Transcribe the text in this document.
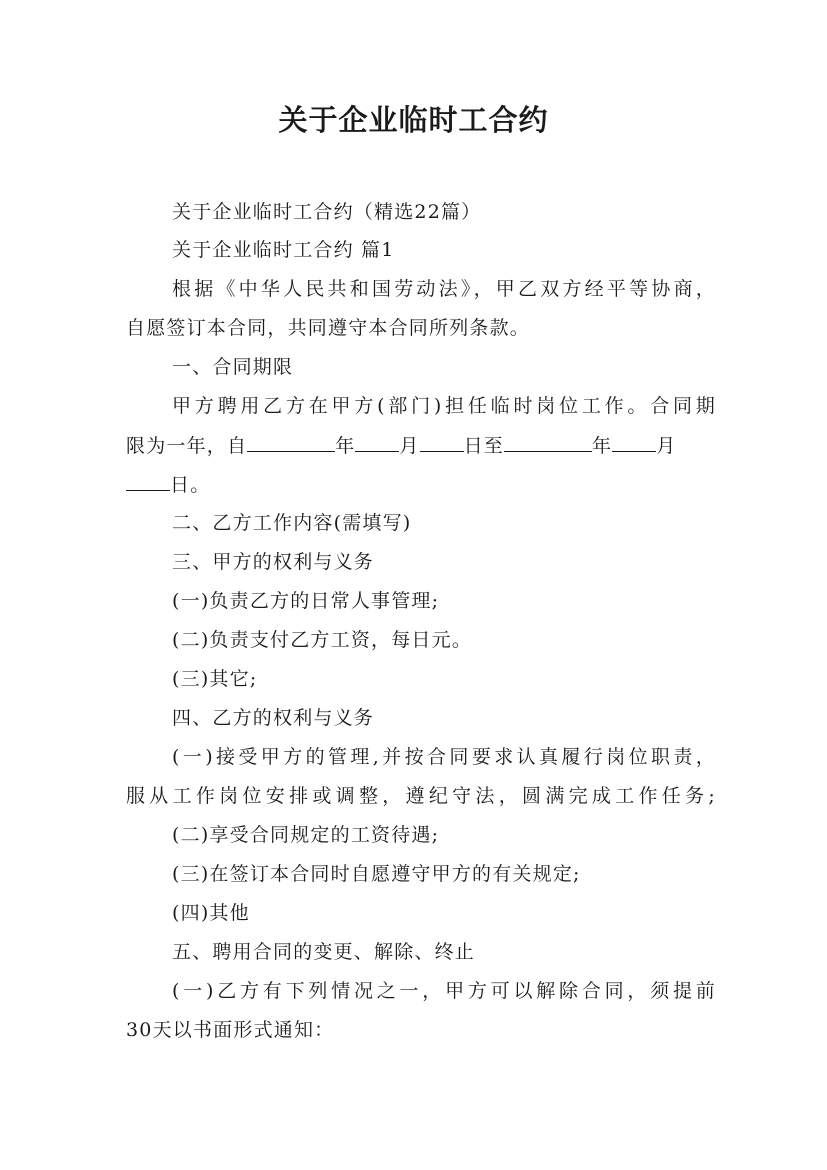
关于企业临时工合约
关于企业临时工合约（精选22篇）
关于企业临时工合约 篇1
根据《中华人民共和国劳动法》，甲乙双方经平等协商，
自愿签订本合同，共同遵守本合同所列条款。
一、合同期限
甲方聘用乙方在甲方(部门)担任临时岗位工作。合同期
限为一年，自	年 月 日至	年 月
日。
二、乙方工作内容(需填写)
三、甲方的权利与义务
(一)负责乙方的日常人事管理;
(二)负责支付乙方工资，每日元。
(三)其它;
四、乙方的权利与义务
(一)接受甲方的管理,并按合同要求认真履行岗位职责，
服从工作岗位安排或调整，遵纪守法，圆满完成工作任务;
(二)享受合同规定的工资待遇;
(三)在签订本合同时自愿遵守甲方的有关规定;
(四)其他
五、聘用合同的变更、解除、终止
(一)乙方有下列情况之一，甲方可以解除合同，须提前
30天以书面形式通知：
